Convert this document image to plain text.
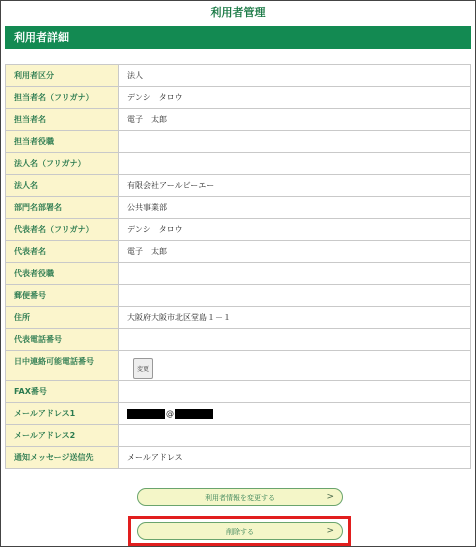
利用者管理
利用者詳細
利用者区分	法人
担当者名（フリガナ）	デンシ　タロウ
担当者名	電子　太郎
担当者役職	
法人名（フリガナ）	
法人名	有限会社アールビーエー
部門名部署名	公共事業部
代表者名（フリガナ）	デンシ　タロウ
代表者名	電子　太郎
代表者役職	
郵便番号	
住所	大阪府大阪市北区堂島１－１
代表電話番号	
日中連絡可能電話番号	変更
FAX番号	
メールアドレス1	@
メールアドレス2	
通知メッセージ送信先	メールアドレス
利用者情報を変更する	>
削除する	>
